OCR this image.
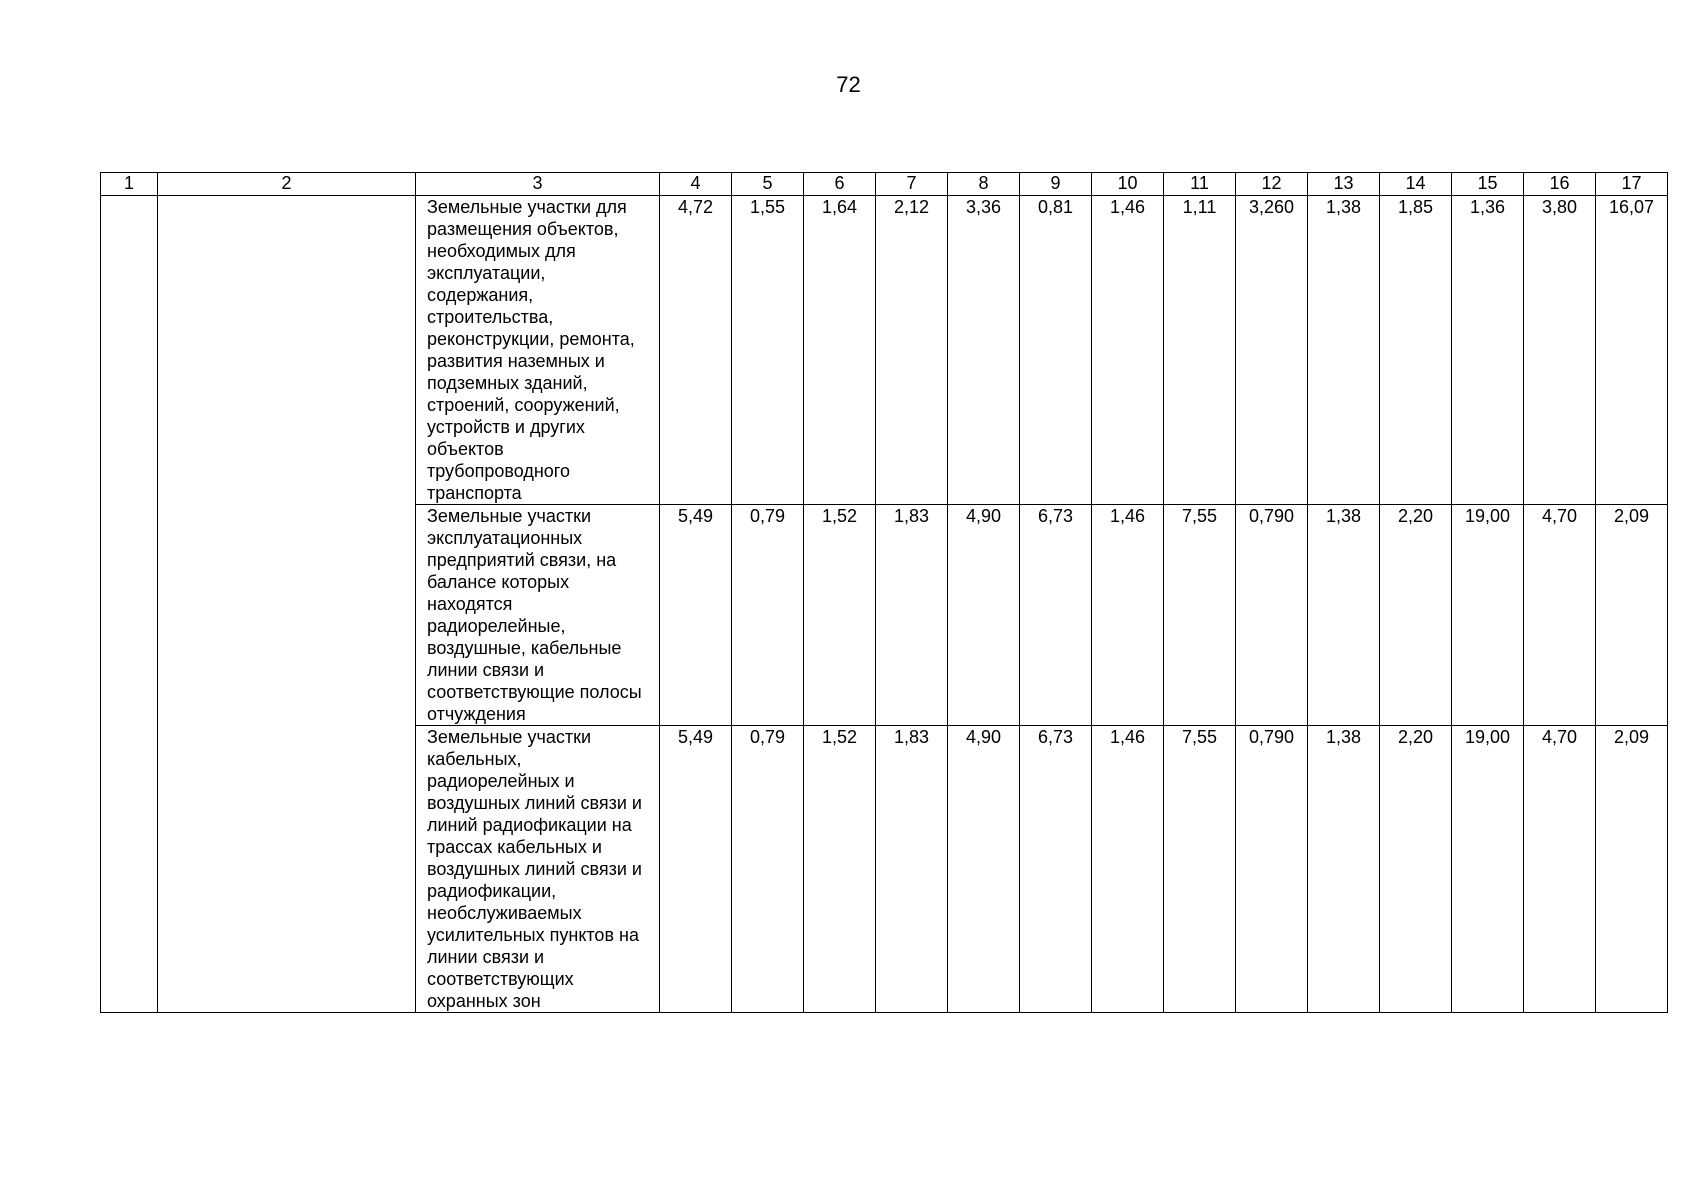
72
1	2	3	4	5	6	7	8	9	10	11	12	13	14	15	16	17
		Земельные участки для размещения объектов, необходимых для эксплуатации, содержания, строительства, реконструкции, ремонта, развития наземных и подземных зданий, строений, сооружений, устройств и других объектов трубопроводного транспорта	4,72	1,55	1,64	2,12	3,36	0,81	1,46	1,11	3,260	1,38	1,85	1,36	3,80	16,07
		Земельные участки эксплуатационных предприятий связи, на балансе которых находятся радиорелейные, воздушные, кабельные линии связи и соответствующие полосы отчуждения	5,49	0,79	1,52	1,83	4,90	6,73	1,46	7,55	0,790	1,38	2,20	19,00	4,70	2,09
		Земельные участки кабельных, радиорелейных и воздушных линий связи и линий радиофикации на трассах кабельных и воздушных линий связи и радиофикации, необслуживаемых усилительных пунктов на линии связи и соответствующих охранных зон	5,49	0,79	1,52	1,83	4,90	6,73	1,46	7,55	0,790	1,38	2,20	19,00	4,70	2,09
